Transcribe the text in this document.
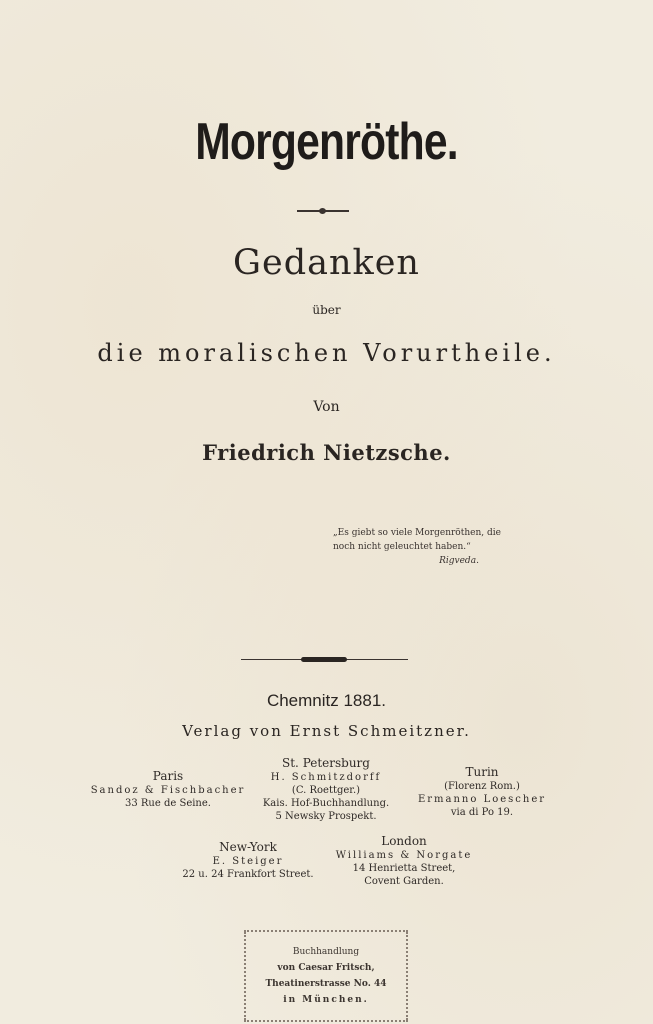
Morgenröthe.
Gedanken
über
die moralischen Vorurtheile.
Von
Friedrich Nietzsche.
„Es giebt so viele Morgenröthen, die
noch nicht geleuchtet haben.“
Rigveda.
Chemnitz 1881.
Verlag von Ernst Schmeitzner.
Paris
Sandoz & Fischbacher
33 Rue de Seine.
St. Petersburg
H. Schmitzdorff
(C. Roettger.)
Kais. Hof-Buchhandlung.
5 Newsky Prospekt.
Turin
(Florenz Rom.)
Ermanno Loescher
via di Po 19.
New-York
E. Steiger
22 u. 24 Frankfort Street.
London
Williams & Norgate
14 Henrietta Street,
Covent Garden.
Buchhandlung
von Caesar Fritsch,
Theatinerstrasse No. 44
in München.
